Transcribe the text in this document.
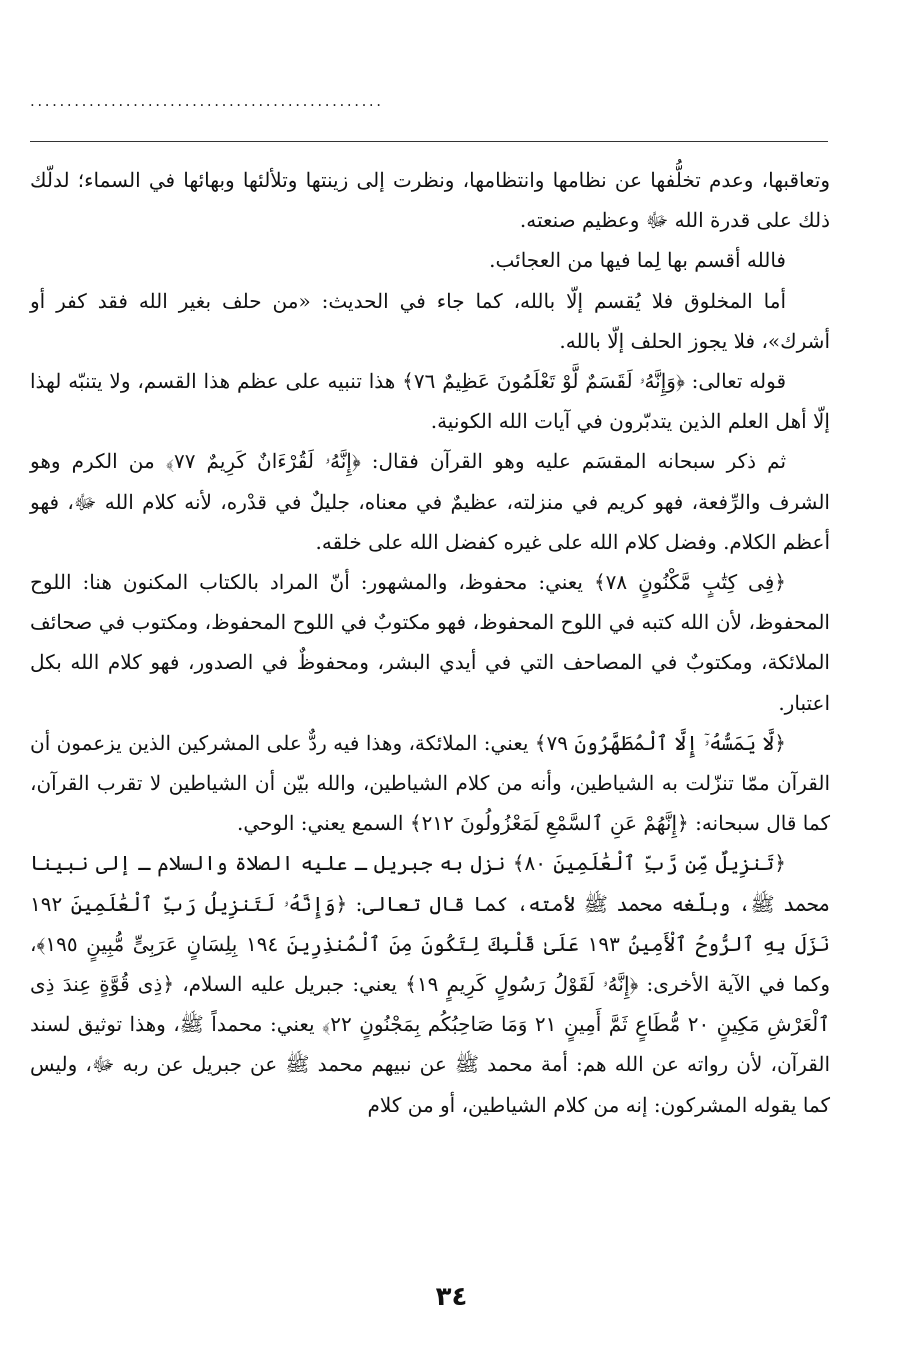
................................................

وتعاقبها، وعدم تخلُّفها عن نظامها وانتظامها، ونظرت إلى زينتها وتلألئها وبهائها في السماء؛ لدلّك ذلك على قدرة الله ﷻ وعظيم صنعته.

فالله أقسم بها لِما فيها من العجائب.

أما المخلوق فلا يُقسم إلّا بالله، كما جاء في الحديث: «من حلف بغير الله فقد كفر أو أشرك»، فلا يجوز الحلف إلّا بالله.

قوله تعالى: ﴿وَإِنَّهُۥ لَقَسَمٌ لَّوْ تَعْلَمُونَ عَظِيمٌ ٧٦﴾ هذا تنبيه على عظم هذا القسم، ولا يتنبّه لهذا إلّا أهل العلم الذين يتدبّرون في آيات الله الكونية.

ثم ذكر سبحانه المقسَم عليه وهو القرآن فقال: ﴿إِنَّهُۥ لَقُرْءَانٌ كَرِيمٌ ٧٧﴾ من الكرم وهو الشرف والرِّفعة، فهو كريم في منزلته، عظيمٌ في معناه، جليلٌ في قدْره، لأنه كلام الله ﷻ، فهو أعظم الكلام. وفضل كلام الله على غيره كفضل الله على خلقه.

﴿فِى كِتَٰبٍ مَّكْنُونٍ ٧٨﴾ يعني: محفوظ، والمشهور: أنّ المراد بالكتاب المكنون هنا: اللوح المحفوظ، لأن الله كتبه في اللوح المحفوظ، فهو مكتوبٌ في اللوح المحفوظ، ومكتوب في صحائف الملائكة، ومكتوبٌ في المصاحف التي في أيدي البشر، ومحفوظٌ في الصدور، فهو كلام الله بكل اعتبار.

﴿لَّا يَمَسُّهُۥٓ إِلَّا ٱلْمُطَهَّرُونَ ٧٩﴾ يعني: الملائكة، وهذا فيه ردٌّ على المشركين الذين يزعمون أن القرآن ممّا تنزّلت به الشياطين، وأنه من كلام الشياطين، والله بيّن أن الشياطين لا تقرب القرآن، كما قال سبحانه: ﴿إِنَّهُمْ عَنِ ٱلسَّمْعِ لَمَعْزُولُونَ ٢١٢﴾ السمع يعني: الوحي.

﴿تَنزِيلٌ مِّن رَّبِّ ٱلْعَٰلَمِينَ ٨٠﴾ نزل به جبريل ـ عليه الصلاة والسلام ـ إلى نبينا محمد ﷺ، وبلّغه محمد ﷺ لأمته، كما قال تعالى: ﴿وَإِنَّهُۥ لَتَنزِيلُ رَبِّ ٱلْعَٰلَمِينَ ١٩٢ نَزَلَ بِهِ ٱلرُّوحُ ٱلْأَمِينُ ١٩٣ عَلَىٰ قَلْبِكَ لِتَكُونَ مِنَ ٱلْمُنذِرِينَ ١٩٤ بِلِسَانٍ عَرَبِىٍّ مُّبِينٍ ١٩٥﴾، وكما في الآية الأخرى: ﴿إِنَّهُۥ لَقَوْلُ رَسُولٍ كَرِيمٍ ١٩﴾ يعني: جبريل عليه السلام، ﴿ذِى قُوَّةٍ عِندَ ذِى ٱلْعَرْشِ مَكِينٍ ٢٠ مُّطَاعٍ ثَمَّ أَمِينٍ ٢١ وَمَا صَاحِبُكُم بِمَجْنُونٍ ٢٢﴾ يعني: محمداً ﷺ، وهذا توثيق لسند القرآن، لأن رواته عن الله هم: أمة محمد ﷺ عن نبيهم محمد ﷺ عن جبريل عن ربه ﷻ، وليس كما يقوله المشركون: إنه من كلام الشياطين، أو من كلام

٣٤
